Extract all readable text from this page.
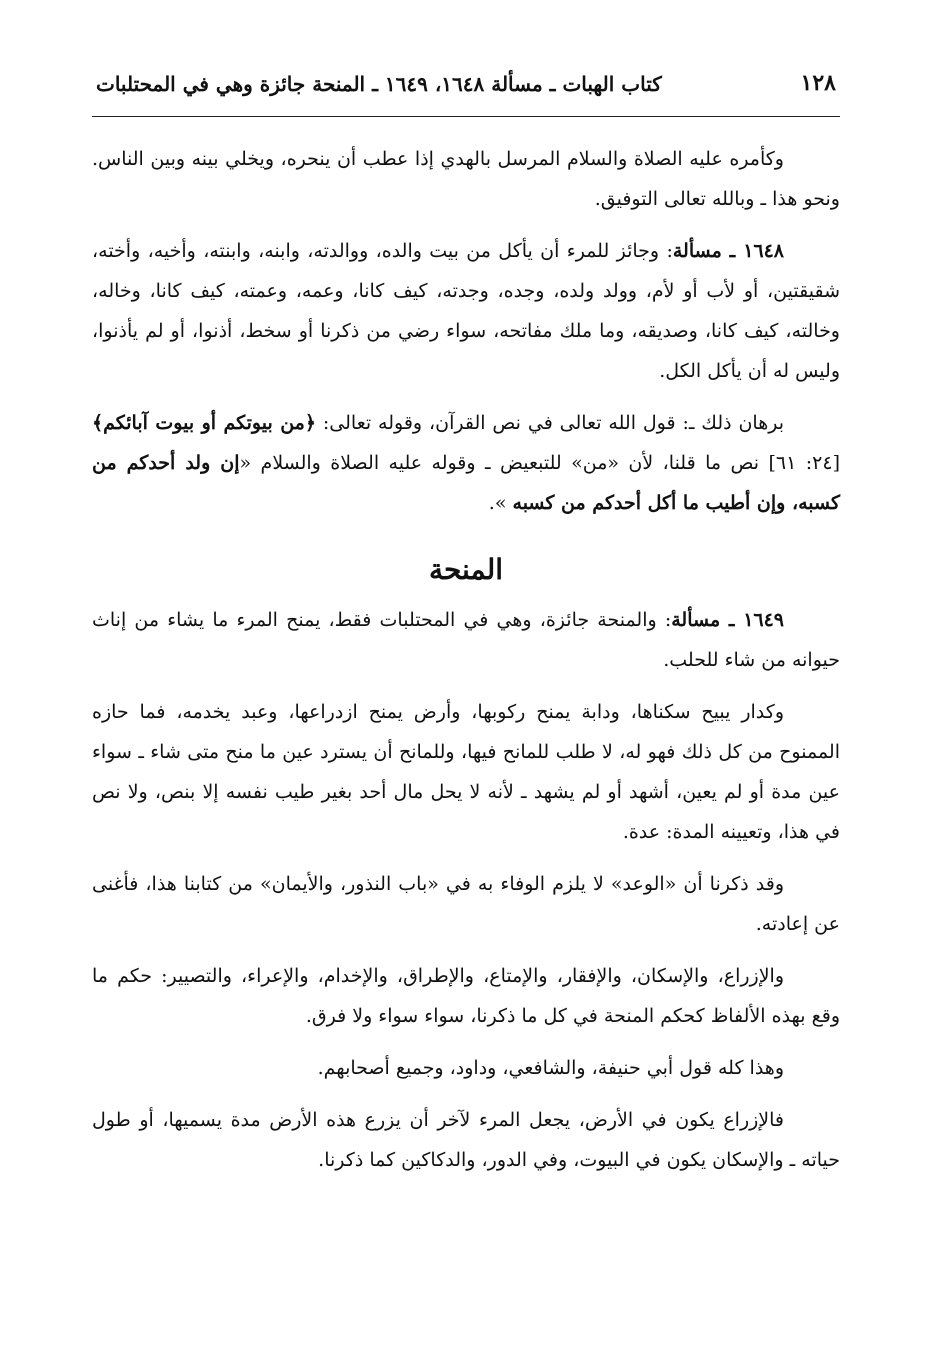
١٢٨
كتاب الهبات ـ مسألة ١٦٤٨، ١٦٤٩ ـ المنحة جائزة وهي في المحتلبات

وكأمره عليه الصلاة والسلام المرسل بالهدي إذا عطب أن ينحره، ويخلي بينه وبين الناس. ونحو هذا ـ وبالله تعالى التوفيق.

١٦٤٨ ـ مسألة: وجائز للمرء أن يأكل من بيت والده، ووالدته، وابنه، وابنته، وأخيه، وأخته، شقيقتين، أو لأب أو لأم، وولد ولده، وجده، وجدته، كيف كانا، وعمه، وعمته، كيف كانا، وخاله، وخالته، كيف كانا، وصديقه، وما ملك مفاتحه، سواء رضي من ذكرنا أو سخط، أذنوا، أو لم يأذنوا، وليس له أن يأكل الكل.

برهان ذلك ـ: قول الله تعالى في نص القرآن، وقوله تعالى: ﴿من بيوتكم أو بيوت آبائكم﴾ [٢٤: ٦١] نص ما قلنا، لأن «من» للتبعيض ـ وقوله عليه الصلاة والسلام «إن ولد أحدكم من كسبه، وإن أطيب ما أكل أحدكم من كسبه ».

المنحة

١٦٤٩ ـ مسألة: والمنحة جائزة، وهي في المحتلبات فقط، يمنح المرء ما يشاء من إناث حيوانه من شاء للحلب.

وكدار يبيح سكناها، ودابة يمنح ركوبها، وأرض يمنح ازدراعها، وعبد يخدمه، فما حازه الممنوح من كل ذلك فهو له، لا طلب للمانح فيها، وللمانح أن يسترد عين ما منح متى شاء ـ سواء عين مدة أو لم يعين، أشهد أو لم يشهد ـ لأنه لا يحل مال أحد بغير طيب نفسه إلا بنص، ولا نص في هذا، وتعيينه المدة: عدة.

وقد ذكرنا أن «الوعد» لا يلزم الوفاء به في «باب النذور، والأيمان» من كتابنا هذا، فأغنى عن إعادته.

والإزراع، والإسكان، والإفقار، والإمتاع، والإطراق، والإخدام، والإعراء، والتصيير: حكم ما وقع بهذه الألفاظ كحكم المنحة في كل ما ذكرنا، سواء سواء ولا فرق.

وهذا كله قول أبي حنيفة، والشافعي، وداود، وجميع أصحابهم.

فالإزراع يكون في الأرض، يجعل المرء لآخر أن يزرع هذه الأرض مدة يسميها، أو طول حياته ـ والإسكان يكون في البيوت، وفي الدور، والدكاكين كما ذكرنا.
